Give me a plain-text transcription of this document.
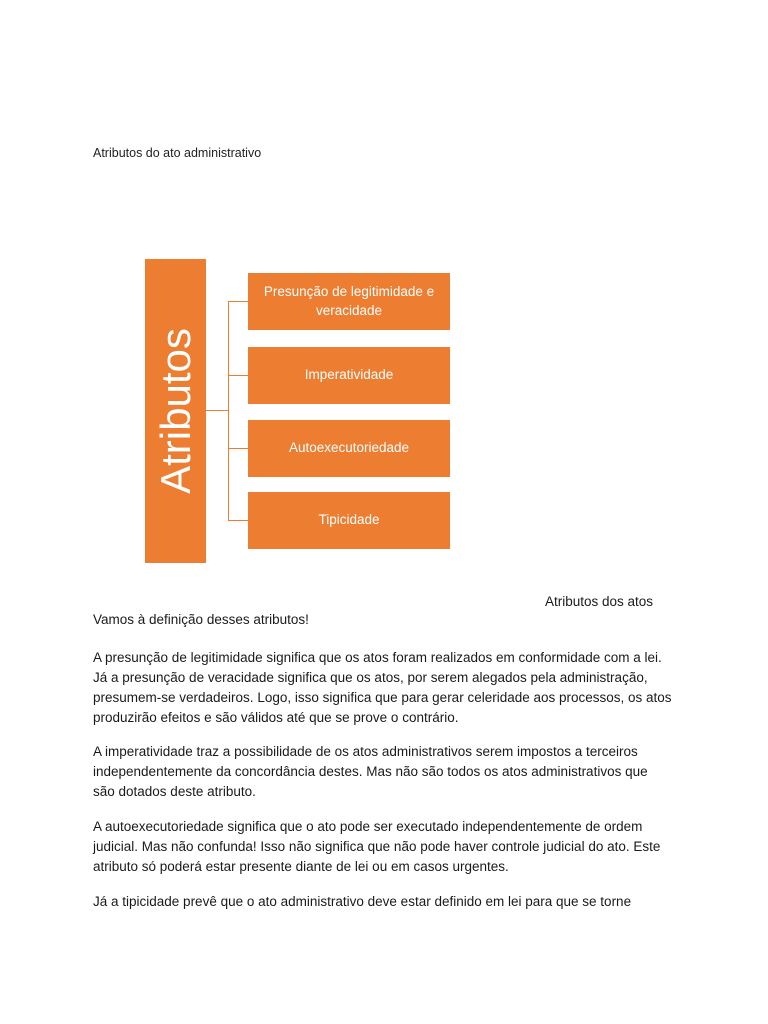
Atributos do ato administrativo
Atributos
Presunção de legitimidade e veracidade
Imperatividade
Autoexecutoriedade
Tipicidade
Atributos dos atos

Vamos à definição desses atributos!

A presunção de legitimidade significa que os atos foram realizados em conformidade com a lei. Já a presunção de veracidade significa que os atos, por serem alegados pela administração, presumem-se verdadeiros. Logo, isso significa que para gerar celeridade aos processos, os atos produzirão efeitos e são válidos até que se prove o contrário.

A imperatividade traz a possibilidade de os atos administrativos serem impostos a terceiros independentemente da concordância destes. Mas não são todos os atos administrativos que são dotados deste atributo.

A autoexecutoriedade significa que o ato pode ser executado independentemente de ordem judicial. Mas não confunda! Isso não significa que não pode haver controle judicial do ato. Este atributo só poderá estar presente diante de lei ou em casos urgentes.

Já a tipicidade prevê que o ato administrativo deve estar definido em lei para que se torne
